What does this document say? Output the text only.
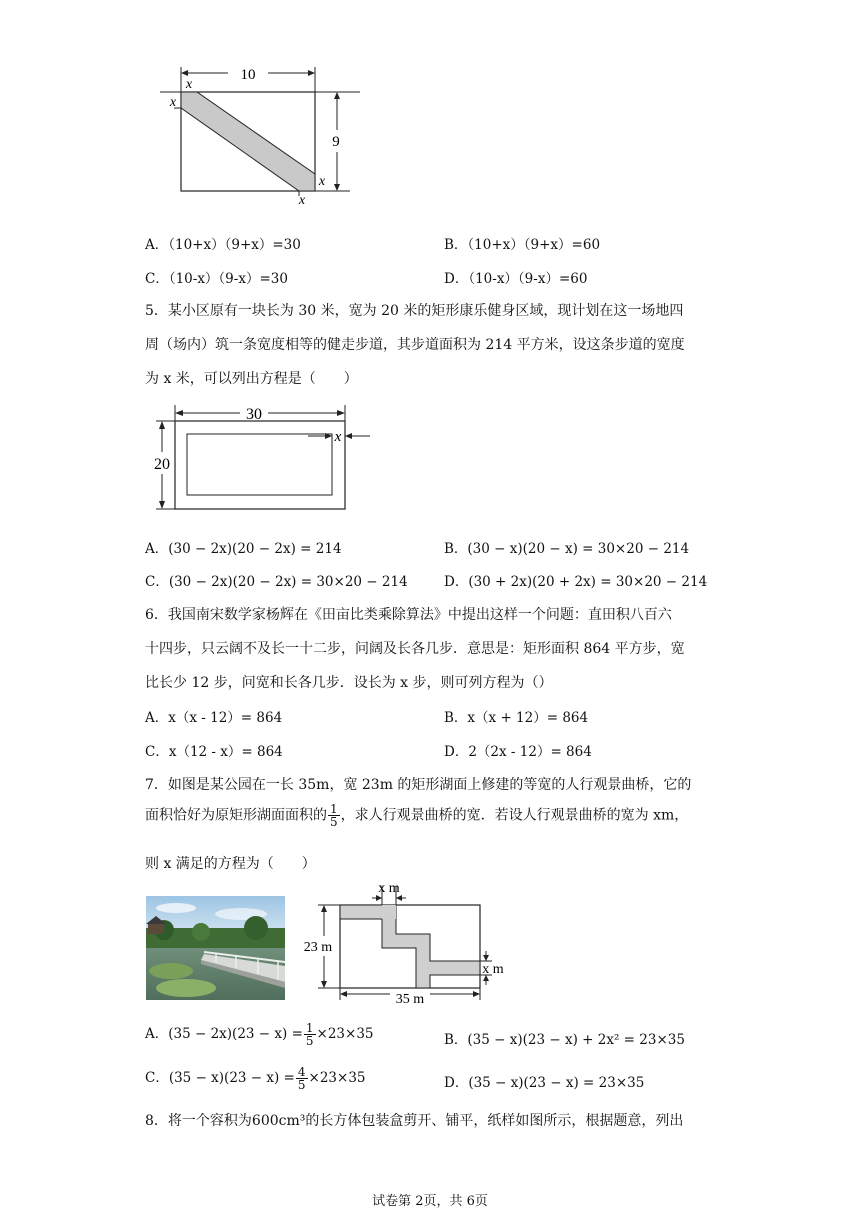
10
9
x
x
x
x
A．（10+x）（9+x）=30	B．（10+x）（9+x）=60
C．（10-x）（9-x）=30	D．（10-x）（9-x）=60
5．某小区原有一块长为 30 米，宽为 20 米的矩形康乐健身区域，现计划在这一场地四
周（场内）筑一条宽度相等的健走步道，其步道面积为 214 平方米，设这条步道的宽度
为 x 米，可以列出方程是（　　）
30
20
x
A．(30 − 2x)(20 − 2x) = 214	B．(30 − x)(20 − x) = 30×20 − 214
C．(30 − 2x)(20 − 2x) = 30×20 − 214	D．(30 + 2x)(20 + 2x) = 30×20 − 214
6．我国南宋数学家杨辉在《田亩比类乘除算法》中提出这样一个问题：直田积八百六
十四步，只云阔不及长一十二步，问阔及长各几步．意思是：矩形面积 864 平方步，宽
比长少 12 步，问宽和长各几步．设长为 x 步，则可列方程为（）
A．x（x - 12）= 864	B．x（x + 12）= 864
C．x（12 - x）= 864	D．2（2x - 12）= 864
7．如图是某公园在一长 35m，宽 23m 的矩形湖面上修建的等宽的人行观景曲桥，它的
面积恰好为原矩形湖面面积的 $\frac{1}{5}$ ，求人行观景曲桥的宽．若设人行观景曲桥的宽为 xm，
则 x 满足的方程为（　　）
x m
23 m
x m
35 m
A．$(35 - 2x)(23 - x) = \frac{1}{5} \times 23\times 35$	B．(35 − x)(23 − x) + 2x² = 23×35
C．$(35 - x)(23 - x) = \frac{4}{5} \times 23\times 35$	D．(35 − x)(23 − x) = 23×35
8．将一个容积为600cm³的长方体包装盒剪开、铺平，纸样如图所示，根据题意，列出
试卷第 2页，共 6页
